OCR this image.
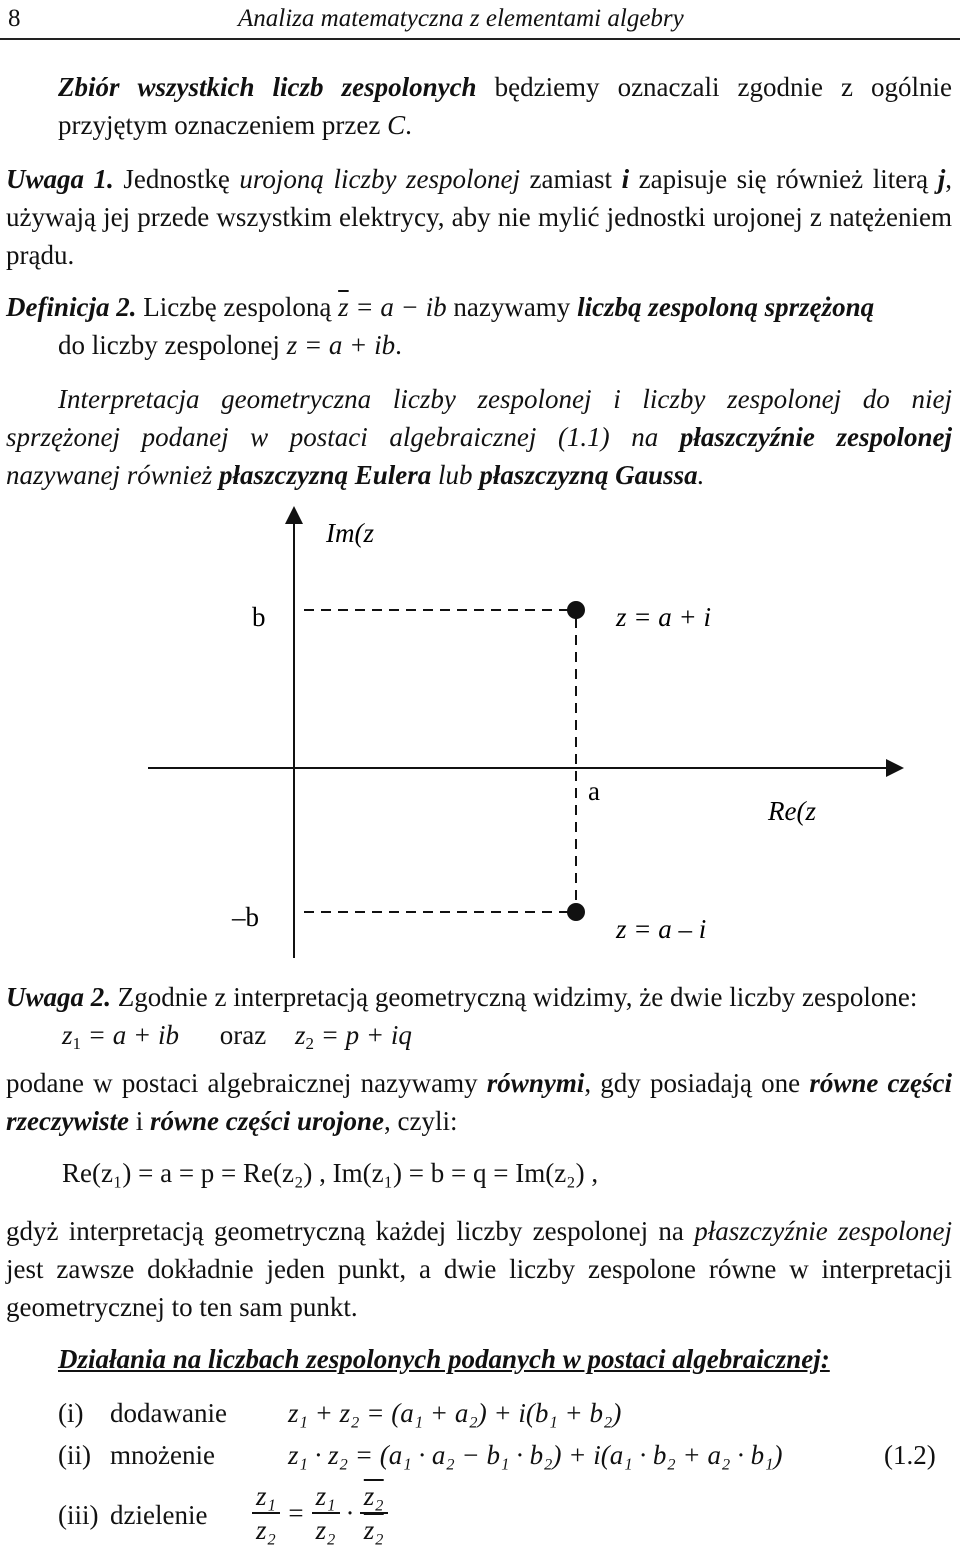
8	Analiza matematyczna z elementami algebry
Zbiór wszystkich liczb zespolonych będziemy oznaczali zgodnie z ogólnie przyjętym oznaczeniem przez C.
Uwaga 1. Jednostkę urojoną liczby zespolonej zamiast i zapisuje się również literą j, używają jej przede wszystkim elektrycy, aby nie mylić jednostki urojonej z natężeniem prądu.
Definicja 2. Liczbę zespoloną $\overline{z} = a$ − ib nazywamy liczbą zespoloną sprzężoną
do liczby zespolonej z = a + ib.
Interpretacja geometryczna liczby zespolonej i liczby zespolonej do niej sprzężonej podanej w postaci algebraicznej (1.1) na płaszczyźnie zespolonej nazywanej również płaszczyzną Eulera lub płaszczyzną Gaussa.
Im(z
b
–b
a
Re(z
z = a + i
z = a – i
Uwaga 2. Zgodnie z interpretacją geometryczną widzimy, że dwie liczby zespolone:
$z_1 = a$ + ib oraz $z_2 = p$ + iq
podane w postaci algebraicznej nazywamy równymi, gdy posiadają one równe części rzeczywiste i równe części urojone, czyli:
Re(z₁) = a = p = Re(z₂) , Im(z₁) = b = q = Im(z₂) ,
gdyż interpretacją geometryczną każdej liczby zespolonej na płaszczyźnie zespolonej jest zawsze dokładnie jeden punkt, a dwie liczby zespolone równe w interpretacji geometrycznej to ten sam punkt.
Działania na liczbach zespolonych podanych w postaci algebraicznej:
(i) dodawanie z₁ + z₂ = (a₁ + a₂) + i(b₁ + b₂)
(ii) mnożenie	z₁ · z₂ = (a₁ · a₂ − b₁ · b₂) + i(a₁ · b₂ + a₂ · b₁)	(1.2)
(iii) dzielenie $\frac{\text{z₁}}{\text{z₂}} = \frac{\text{z₁}}{\text{z₂}} \cdot \frac{\text{z₂}}{\text{z₂}}$
